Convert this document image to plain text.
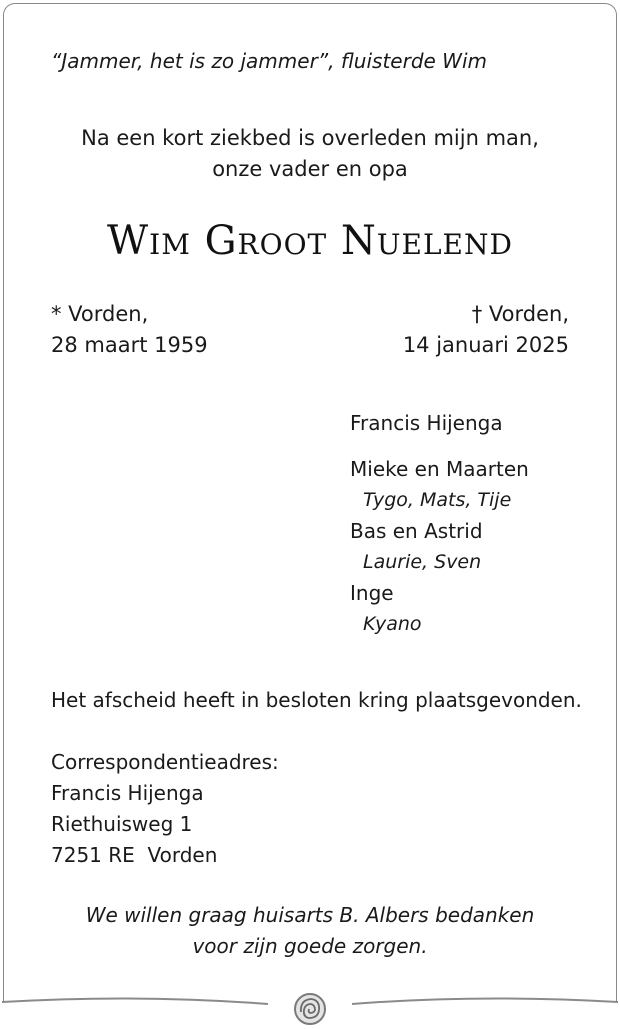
“Jammer, het is zo jammer”, fluisterde Wim
Na een kort ziekbed is overleden mijn man,
onze vader en opa
Wim Groot Nuelend
* Vorden,
28 maart 1959
† Vorden,
14 januari 2025
Francis Hijenga
Mieke en Maarten
Tygo, Mats, Tije
Bas en Astrid
Laurie, Sven
Inge
Kyano
Het afscheid heeft in besloten kring plaatsgevonden.
Correspondentieadres:
Francis Hijenga
Riethuisweg 1
7251 RE  Vorden
We willen graag huisarts B. Albers bedanken
voor zijn goede zorgen.
